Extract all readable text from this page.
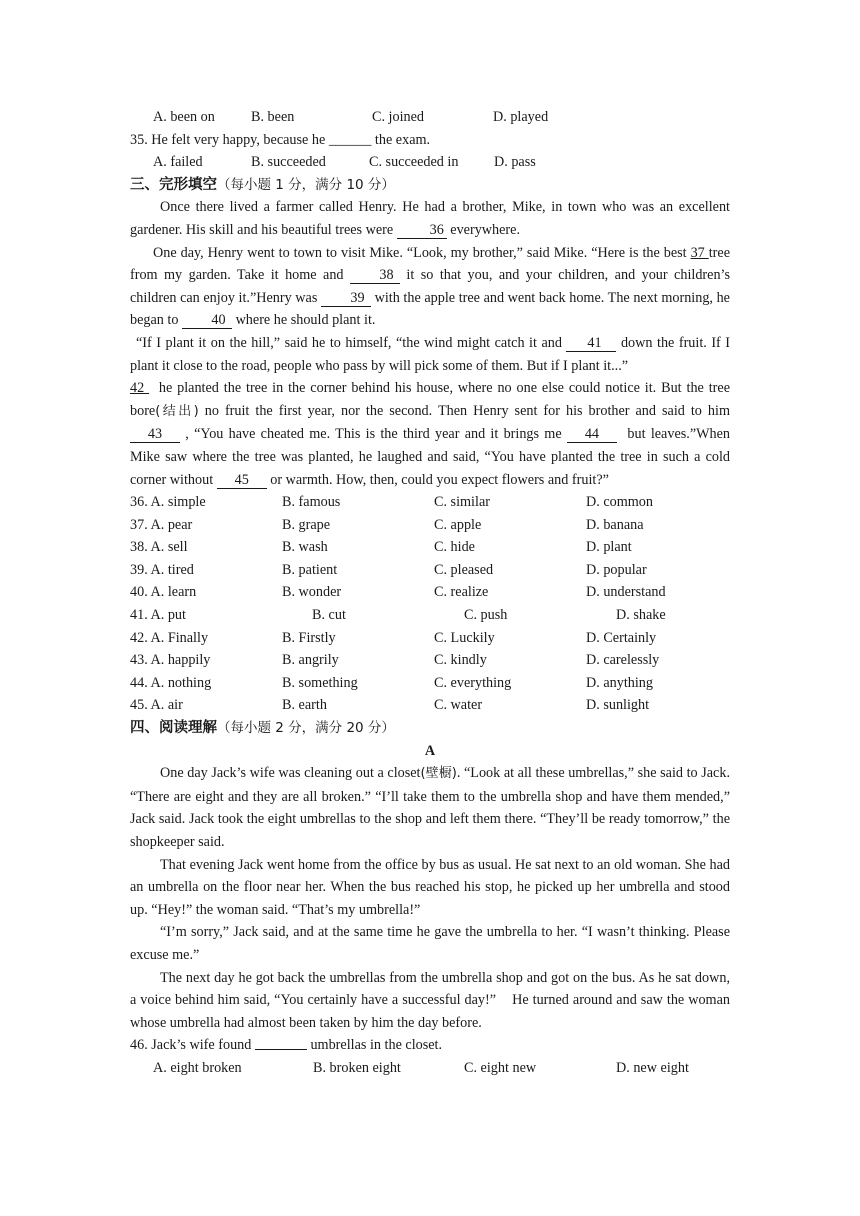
A. been on	B. been	C. joined	D. played
35. He felt very happy, because he ______ the exam.
A. failed	B. succeeded	C. succeeded in	D. pass
三、完形填空（每小题 1 分，满分 10 分）

Once there lived a farmer called Henry. He had a brother, Mike, in town who was an excellent gardener. His skill and his beautiful trees were 36 everywhere.

One day, Henry went to town to visit Mike. “Look, my brother,” said Mike. “Here is the best 37 tree from my garden. Take it home and 38 it so that you, and your children, and your children’s children can enjoy it.”Henry was 39 with the apple tree and went back home. The next morning, he began to 40 where he should plant it.

“If I plant it on the hill,” said he to himself, “the wind might catch it and 41 down the fruit. If I plant it close to the road, people who pass by will pick some of them. But if I plant it...”

42   he planted the tree in the corner behind his house, where no one else could notice it. But the tree bore(结出) no fruit the first year, nor the second. Then Henry sent for his brother and said to him 43 , “You have cheated me. This is the third year and it brings me 44  but leaves.”When Mike saw where the tree was planted, he laughed and said, “You have planted the tree in such a cold corner without 45 or warmth. How, then, could you expect flowers and fruit?”

36. A. simple	B. famous	C. similar	D. common
37. A. pear	B. grape	C. apple	D. banana
38. A. sell	B. wash	C. hide	D. plant
39. A. tired	B. patient	C. pleased	D. popular
40. A. learn	B. wonder	C. realize	D. understand
41. A. put	B. cut	C. push	D. shake
42. A. Finally	B. Firstly	C. Luckily	D. Certainly
43. A. happily	B. angrily	C. kindly	D. carelessly
44. A. nothing	B. something	C. everything	D. anything
45. A. air	B. earth	C. water	D. sunlight
四、阅读理解（每小题 2 分，满分 20 分）
A

One day Jack’s wife was cleaning out a closet(壁橱). “Look at all these umbrellas,” she said to Jack. “There are eight and they are all broken.” “I’ll take them to the umbrella shop and have them mended,” Jack said. Jack took the eight umbrellas to the shop and left them there. “They’ll be ready tomorrow,” the shopkeeper said.

That evening Jack went home from the office by bus as usual. He sat next to an old woman. She had an umbrella on the floor near her. When the bus reached his stop, he picked up her umbrella and stood up. “Hey!” the woman said. “That’s my umbrella!”

“I’m sorry,” Jack said, and at the same time he gave the umbrella to her. “I wasn’t thinking. Please excuse me.”

The next day he got back the umbrellas from the umbrella shop and got on the bus. As he sat down, a voice behind him said, “You certainly have a successful day!”    He turned around and saw the woman whose umbrella had almost been taken by him the day before.

46. Jack’s wife found	umbrellas in the closet.
A. eight broken	B. broken eight	C. eight new	D. new eight
